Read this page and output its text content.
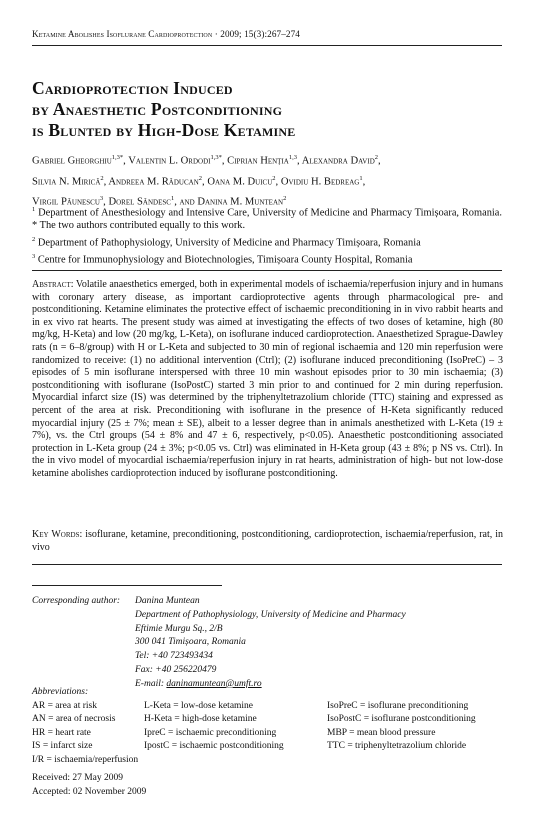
Ketamine Abolishes Isoflurane Cardioprotection · 2009; 15(3):267–274
Cardioprotection Induced
by Anaesthetic Postconditioning
is Blunted by High-Dose Ketamine
Gabriel Gheorghiu$^{1,3*}$, Valentin L. Ordodi$^{1,3*}$, Ciprian Henția$^{1,3}$, Alexandra David$^2$,
Silvia N. Mirică$^2$, Andreea M. Răducan$^2$, Oana M. Duicu$^2$, Ovidiu H. Bedreag$^1$,
Virgil Păunescu$^3$, Dorel Săndesc$^1$, and Danina M. Muntean$^2$
$^1$ Department of Anesthesiology and Intensive Care, University of Medicine and Pharmacy Timișoara, Romania. * The two authors contributed equally to this work.
$^2$ Department of Pathophysiology, University of Medicine and Pharmacy Timișoara, Romania
$^3$ Centre for Immunophysiology and Biotechnologies, Timișoara County Hospital, Romania
Abstract: Volatile anaesthetics emerged, both in experimental models of ischaemia/reperfusion injury and in humans with coronary artery disease, as important cardioprotective agents through pharmacological pre- and postconditioning. Ketamine eliminates the protective effect of ischaemic preconditioning in in vivo rabbit hearts and in ex vivo rat hearts. The present study was aimed at investigating the effects of two doses of ketamine, high (80 mg/kg, H-Keta) and low (20 mg/kg, L-Keta), on isoflurane induced cardioprotection. Anaesthetized Sprague-Dawley rats (n = 6–8/group) with H or L-Keta and subjected to 30 min of regional ischaemia and 120 min reperfusion were randomized to receive: (1) no additional intervention (Ctrl); (2) isoflurane induced preconditioning (IsoPreC) – 3 episodes of 5 min isoflurane interspersed with three 10 min washout episodes prior to 30 min ischaemia; (3) postconditioning with isoflurane (IsoPostC) started 3 min prior to and continued for 2 min during reperfusion. Myocardial infarct size (IS) was determined by the triphenyltetrazolium chloride (TTC) staining and expressed as percent of the area at risk. Preconditioning with isoflurane in the presence of H-Keta significantly reduced myocardial injury (25 ± 7%; mean ± SE), albeit to a lesser degree than in animals anesthetized with L-Keta (19 ± 7%), vs. the Ctrl groups (54 ± 8% and 47 ± 6, respectively, p<0.05). Anaesthetic postconditioning associated protection in L-Keta group (24 ± 3%; p<0.05 vs. Ctrl) was eliminated in H-Keta group (43 ± 8%; p NS vs. Ctrl). In the in vivo model of myocardial ischaemia/reperfusion injury in rat hearts, administration of high- but not low-dose ketamine abolishes cardioprotection induced by isoflurane postconditioning.
Key Words: isoflurane, ketamine, preconditioning, postconditioning, cardioprotection, ischaemia/reperfusion, rat, in vivo
Corresponding author: Danina Muntean
Department of Pathophysiology, University of Medicine and Pharmacy
Eftimie Murgu Sq., 2/B
300 041 Timișoara, Romania
Tel: +40 723493434
Fax: +40 256220479
E-mail: daninamuntean@umft.ro
Abbreviations:
AR = area at risk
AN = area of necrosis
HR = heart rate
IS = infarct size
I/R = ischaemia/reperfusion
L-Keta = low-dose ketamine
H-Keta = high-dose ketamine
IpreC = ischaemic preconditioning
IpostC = ischaemic postconditioning
IsoPreC = isoflurane preconditioning
IsoPostC = isoflurane postconditioning
MBP = mean blood pressure
TTC = triphenyltetrazolium chloride
Received: 27 May 2009
Accepted: 02 November 2009
